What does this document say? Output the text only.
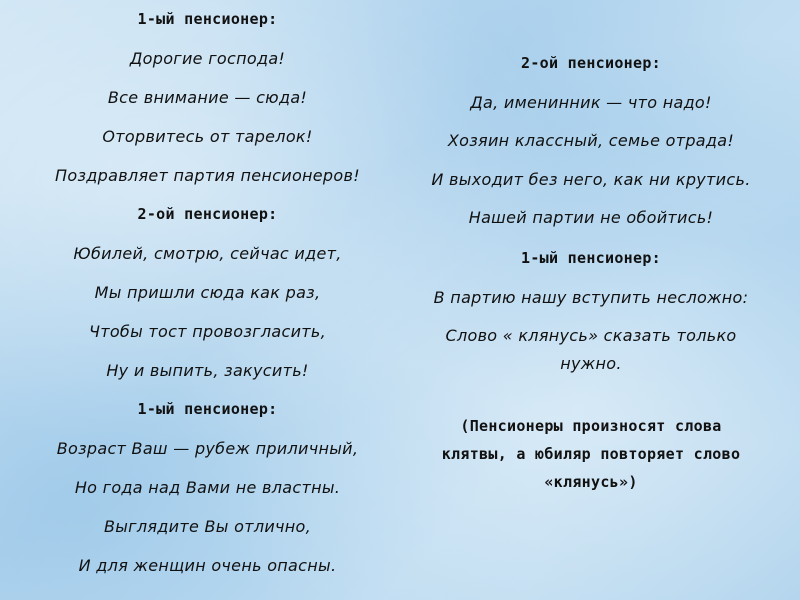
1-ый пенсионер:
Дорогие господа!
Все внимание — сюда!
Оторвитесь от тарелок!
Поздравляет партия пенсионеров!
2-ой пенсионер:
Юбилей, смотрю, сейчас идет,
Мы пришли сюда как раз,
Чтобы тост провозгласить,
Ну и выпить, закусить!
1-ый пенсионер:
Возраст Ваш — рубеж приличный,
Но года над Вами не властны.
Выглядите Вы отлично,
И для женщин очень опасны.
2-ой пенсионер:
Да, именинник — что надо!
Хозяин классный, семье отрада!
И выходит без него, как ни крутись.
Нашей партии не обойтись!
1-ый пенсионер:
В партию нашу вступить несложно:
Слово « клянусь» сказать только
нужно.
(Пенсионеры произносят слова клятвы, а юбиляр повторяет слово «клянусь»)
